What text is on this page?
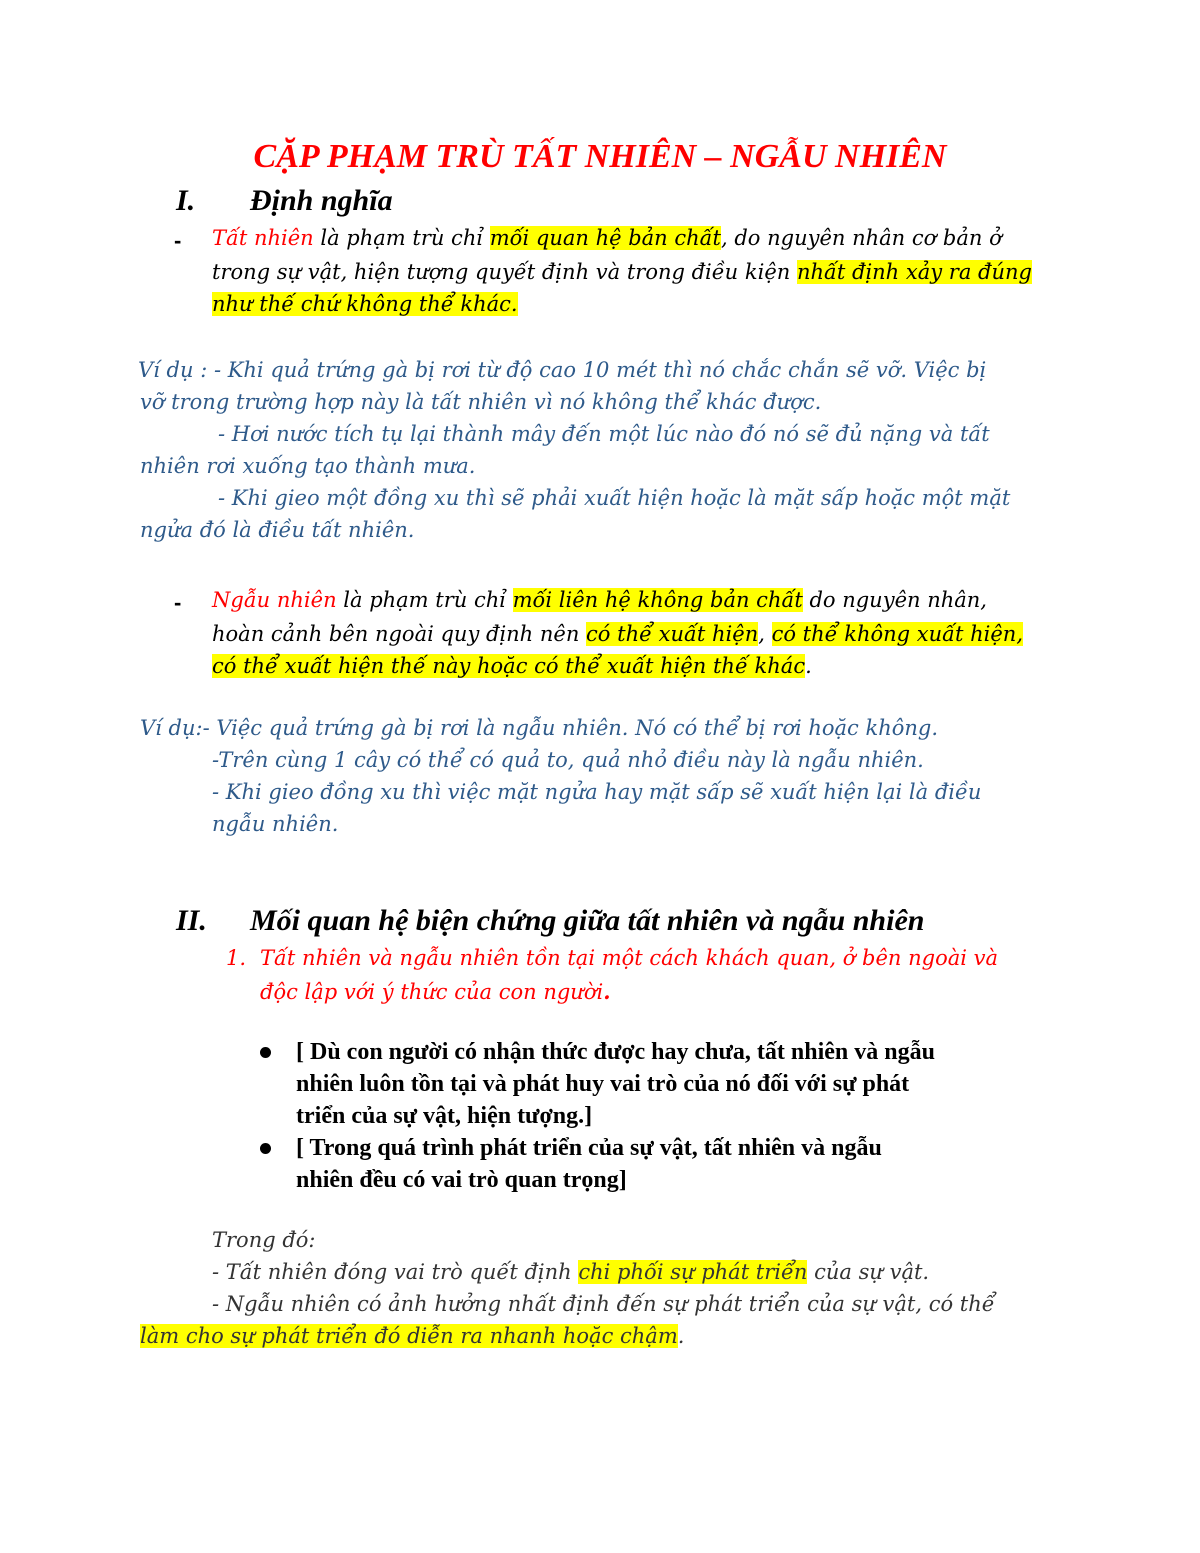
CẶP PHẠM TRÙ TẤT NHIÊN – NGẪU NHIÊN
I. Định nghĩa
- Tất nhiên là phạm trù chỉ mối quan hệ bản chất, do nguyên nhân cơ bản ở
trong sự vật, hiện tượng quyết định và trong điều kiện nhất định xảy ra đúng
như thế chứ không thể khác.
Ví dụ : - Khi quả trứng gà bị rơi từ độ cao 10 mét thì nó chắc chắn sẽ vỡ. Việc bị
vỡ trong trường hợp này là tất nhiên vì nó không thể khác được.
- Hơi nước tích tụ lại thành mây đến một lúc nào đó nó sẽ đủ nặng và tất
nhiên rơi xuống tạo thành mưa.
- Khi gieo một đồng xu thì sẽ phải xuất hiện hoặc là mặt sấp hoặc một mặt
ngửa đó là điều tất nhiên.
- Ngẫu nhiên là phạm trù chỉ mối liên hệ không bản chất do nguyên nhân,
hoàn cảnh bên ngoài quy định nên có thể xuất hiện, có thể không xuất hiện,
có thể xuất hiện thế này hoặc có thể xuất hiện thế khác.
Ví dụ:- Việc quả trứng gà bị rơi là ngẫu nhiên. Nó có thể bị rơi hoặc không.
-Trên cùng 1 cây có thể có quả to, quả nhỏ điều này là ngẫu nhiên.
- Khi gieo đồng xu thì việc mặt ngửa hay mặt sấp sẽ xuất hiện lại là điều
ngẫu nhiên.
II. Mối quan hệ biện chứng giữa tất nhiên và ngẫu nhiên
1. Tất nhiên và ngẫu nhiên tồn tại một cách khách quan, ở bên ngoài và
độc lập với ý thức của con người.
[ Dù con người có nhận thức được hay chưa, tất nhiên và ngẫu
nhiên luôn tồn tại và phát huy vai trò của nó đối với sự phát
triển của sự vật, hiện tượng.]
[ Trong quá trình phát triển của sự vật, tất nhiên và ngẫu
nhiên đều có vai trò quan trọng]
Trong đó:
- Tất nhiên đóng vai trò quết định chi phối sự phát triển của sự vật.
- Ngẫu nhiên có ảnh hưởng nhất định đến sự phát triển của sự vật, có thể
làm cho sự phát triển đó diễn ra nhanh hoặc chậm.
